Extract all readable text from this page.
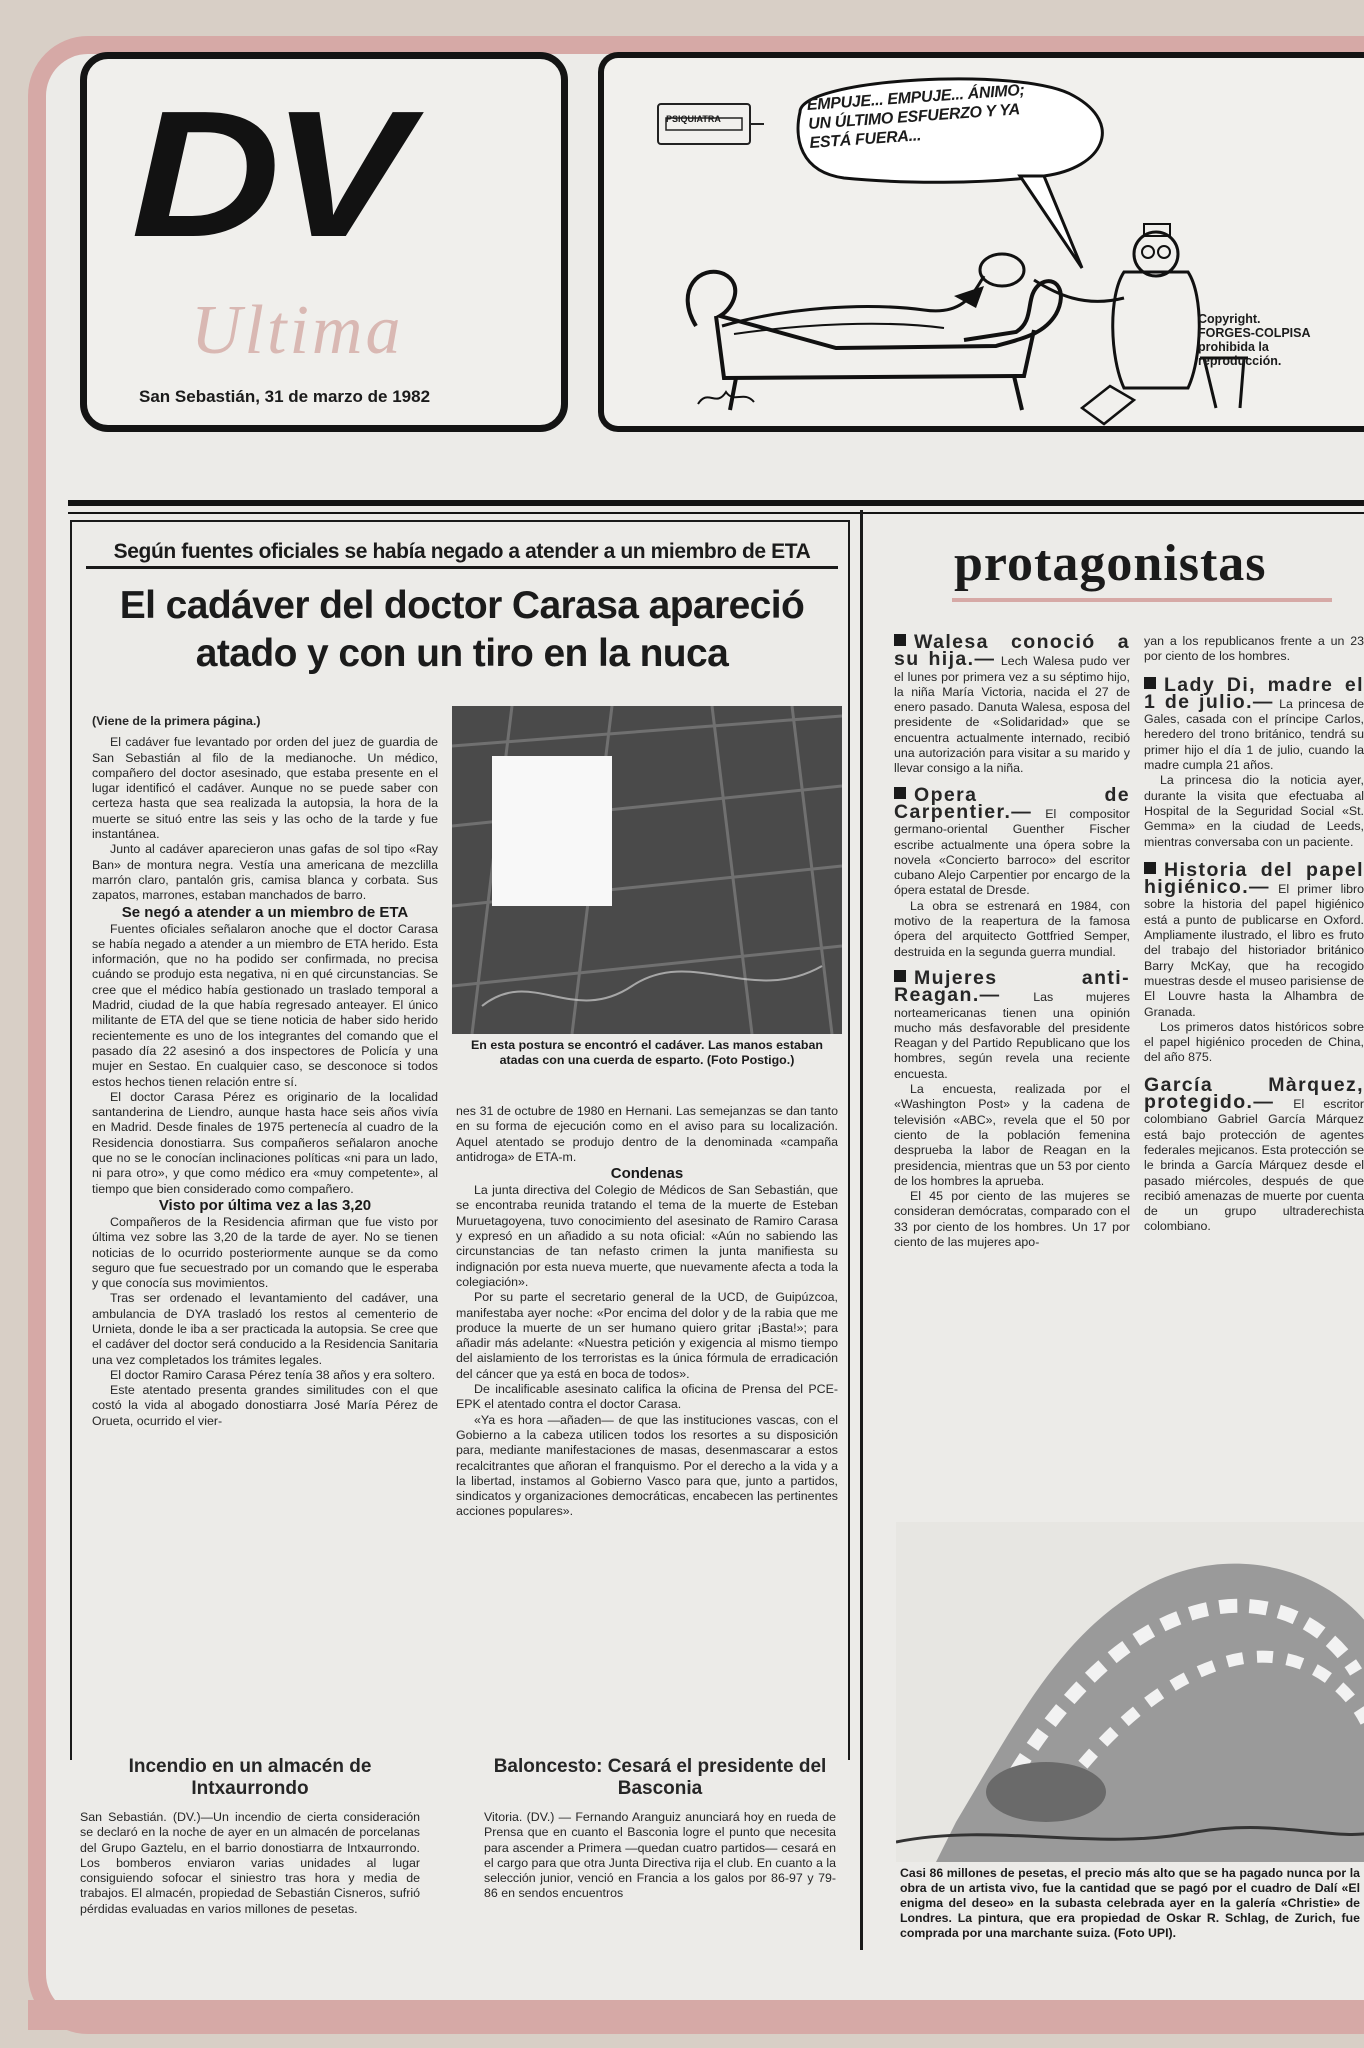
DV
Ultima
San Sebastián, 31 de marzo de 1982
EMPUJE... EMPUJE... ÁNIMO; UN ÚLTIMO ESFUERZO Y YA ESTÁ FUERA...
Copyright.
FORGES-COLPISA
prohibida la
reproducción.
PSIQUIATRA
Según fuentes oficiales se había negado a atender a un miembro de ETA
El cadáver del doctor Carasa apareció
atado y con un tiro en la nuca

(Viene de la primera página.)

El cadáver fue levantado por orden del juez de guardia de San Sebastián al filo de la medianoche. Un médico, compañero del doctor asesinado, que estaba presente en el lugar identificó el cadáver. Aunque no se puede saber con certeza hasta que sea realizada la autopsia, la hora de la muerte se situó entre las seis y las ocho de la tarde y fue instantánea.

Junto al cadáver aparecieron unas gafas de sol tipo «Ray Ban» de montura negra. Vestía una americana de mezclilla marrón claro, pantalón gris, camisa blanca y corbata. Sus zapatos, marrones, estaban manchados de barro.

Se negó a atender a un miembro de ETA

Fuentes oficiales señalaron anoche que el doctor Carasa se había negado a atender a un miembro de ETA herido. Esta información, que no ha podido ser confirmada, no precisa cuándo se produjo esta negativa, ni en qué circunstancias. Se cree que el médico había gestionado un traslado temporal a Madrid, ciudad de la que había regresado anteayer. El único militante de ETA del que se tiene noticia de haber sido herido recientemente es uno de los integrantes del comando que el pasado día 22 asesinó a dos inspectores de Policía y una mujer en Sestao. En cualquier caso, se desconoce si todos estos hechos tienen relación entre sí.

El doctor Carasa Pérez es originario de la localidad santanderina de Liendro, aunque hasta hace seis años vivía en Madrid. Desde finales de 1975 pertenecía al cuadro de la Residencia donostiarra. Sus compañeros señalaron anoche que no se le conocían inclinaciones políticas «ni para un lado, ni para otro», y que como médico era «muy competente», al tiempo que bien considerado como compañero.

Visto por última vez a las 3,20

Compañeros de la Residencia afirman que fue visto por última vez sobre las 3,20 de la tarde de ayer. No se tienen noticias de lo ocurrido posteriormente aunque se da como seguro que fue secuestrado por un comando que le esperaba y que conocía sus movimientos.

Tras ser ordenado el levantamiento del cadáver, una ambulancia de DYA trasladó los restos al cementerio de Urnieta, donde le iba a ser practicada la autopsia. Se cree que el cadáver del doctor será conducido a la Residencia Sanitaria una vez completados los trámites legales.

El doctor Ramiro Carasa Pérez tenía 38 años y era soltero.

Este atentado presenta grandes similitudes con el que costó la vida al abogado donostiarra José María Pérez de Orueta, ocurrido el vier-

En esta postura se encontró el cadáver. Las manos estaban atadas con una cuerda de esparto. (Foto Postigo.)

nes 31 de octubre de 1980 en Hernani. Las semejanzas se dan tanto en su forma de ejecución como en el aviso para su localización. Aquel atentado se produjo dentro de la denominada «campaña antidroga» de ETA-m.

Condenas

La junta directiva del Colegio de Médicos de San Sebastián, que se encontraba reunida tratando el tema de la muerte de Esteban Muruetagoyena, tuvo conocimiento del asesinato de Ramiro Carasa y expresó en un añadido a su nota oficial: «Aún no sabiendo las circunstancias de tan nefasto crimen la junta manifiesta su indignación por esta nueva muerte, que nuevamente afecta a toda la colegiación».

Por su parte el secretario general de la UCD, de Guipúzcoa, manifestaba ayer noche: «Por encima del dolor y de la rabia que me produce la muerte de un ser humano quiero gritar ¡Basta!»; para añadir más adelante: «Nuestra petición y exigencia al mismo tiempo del aislamiento de los terroristas es la única fórmula de erradicación del cáncer que ya está en boca de todos».

De incalificable asesinato califica la oficina de Prensa del PCE-EPK el atentado contra el doctor Carasa.

«Ya es hora —añaden— de que las instituciones vascas, con el Gobierno a la cabeza utilicen todos los resortes a su disposición para, mediante manifestaciones de masas, desenmascarar a estos recalcitrantes que añoran el franquismo. Por el derecho a la vida y a la libertad, instamos al Gobierno Vasco para que, junto a partidos, sindicatos y organizaciones democráticas, encabecen las pertinentes acciones populares».

Incendio en un almacén de Intxaurrondo

San Sebastián. (DV.)—Un incendio de cierta consideración se declaró en la noche de ayer en un almacén de porcelanas del Grupo Gaztelu, en el barrio donostiarra de Intxaurrondo. Los bomberos enviaron varias unidades al lugar consiguiendo sofocar el siniestro tras hora y media de trabajos. El almacén, propiedad de Sebastián Cisneros, sufrió pérdidas evaluadas en varios millones de pesetas.

Baloncesto: Cesará el presidente del Basconia

Vitoria. (DV.) — Fernando Aranguiz anunciará hoy en rueda de Prensa que en cuanto el Basconia logre el punto que necesita para ascender a Primera —quedan cuatro partidos— cesará en el cargo para que otra Junta Directiva rija el club. En cuanto a la selección junior, venció en Francia a los galos por 86-97 y 79-86 en sendos encuentros

protagonistas

Walesa conoció a su hija.— Lech Walesa pudo ver el lunes por primera vez a su séptimo hijo, la niña María Victoria, nacida el 27 de enero pasado. Danuta Walesa, esposa del presidente de «Solidaridad» que se encuentra actualmente internado, recibió una autorización para visitar a su marido y llevar consigo a la niña.

Opera de Carpentier.— El compositor germano-oriental Guenther Fischer escribe actualmente una ópera sobre la novela «Concierto barroco» del escritor cubano Alejo Carpentier por encargo de la ópera estatal de Dresde.

La obra se estrenará en 1984, con motivo de la reapertura de la famosa ópera del arquitecto Gottfried Semper, destruida en la segunda guerra mundial.

Mujeres anti-Reagan.—	Las mujeres norteamericanas tienen una opinión mucho más desfavorable del presidente Reagan y del Partido Republicano que los hombres, según revela una reciente encuesta.

La encuesta, realizada por el «Washington Post» y la cadena de televisión «ABC», revela que el 50 por ciento de la población femenina desprueba la labor de Reagan en la presidencia, mientras que un 53 por ciento de los hombres la aprueba.

El 45 por ciento de las mujeres se consideran demócratas, comparado con el 33 por ciento de los hombres. Un 17 por ciento de las mujeres apo-

yan a los republicanos frente a un 23 por ciento de los hombres.

Lady Di, madre el 1 de julio.— La princesa de Gales, casada con el príncipe Carlos, heredero del trono británico, tendrá su primer hijo el día 1 de julio, cuando la madre cumpla 21 años.

La princesa dio la noticia ayer, durante la visita que efectuaba al Hospital de la Seguridad Social «St. Gemma» en la ciudad de Leeds, mientras conversaba con un paciente.

Historia del papel higiénico.— El primer libro sobre la historia del papel higiénico está a punto de publicarse en Oxford. Ampliamente ilustrado, el libro es fruto del trabajo del historiador británico Barry McKay, que ha recogido muestras desde el museo parisiense de El Louvre hasta la Alhambra de Granada.

Los primeros datos históricos sobre el papel higiénico proceden de China, del año 875.

García Màrquez, protegido.— El escritor colombiano Gabriel García Márquez está bajo protección de agentes federales mejicanos. Esta protección se le brinda a García Márquez desde el pasado miércoles, después de que recibió amenazas de muerte por cuenta de un grupo ultraderechista colombiano.

Casi 86 millones de pesetas, el precio más alto que se ha pagado nunca por la obra de un artista vivo, fue la cantidad que se pagó por el cuadro de Dalí «El enigma del deseo» en la subasta celebrada ayer en la galería «Christie» de Londres. La pintura, que era propiedad de Oskar R. Schlag, de Zurich, fue comprada por una marchante suiza. (Foto UPI).
